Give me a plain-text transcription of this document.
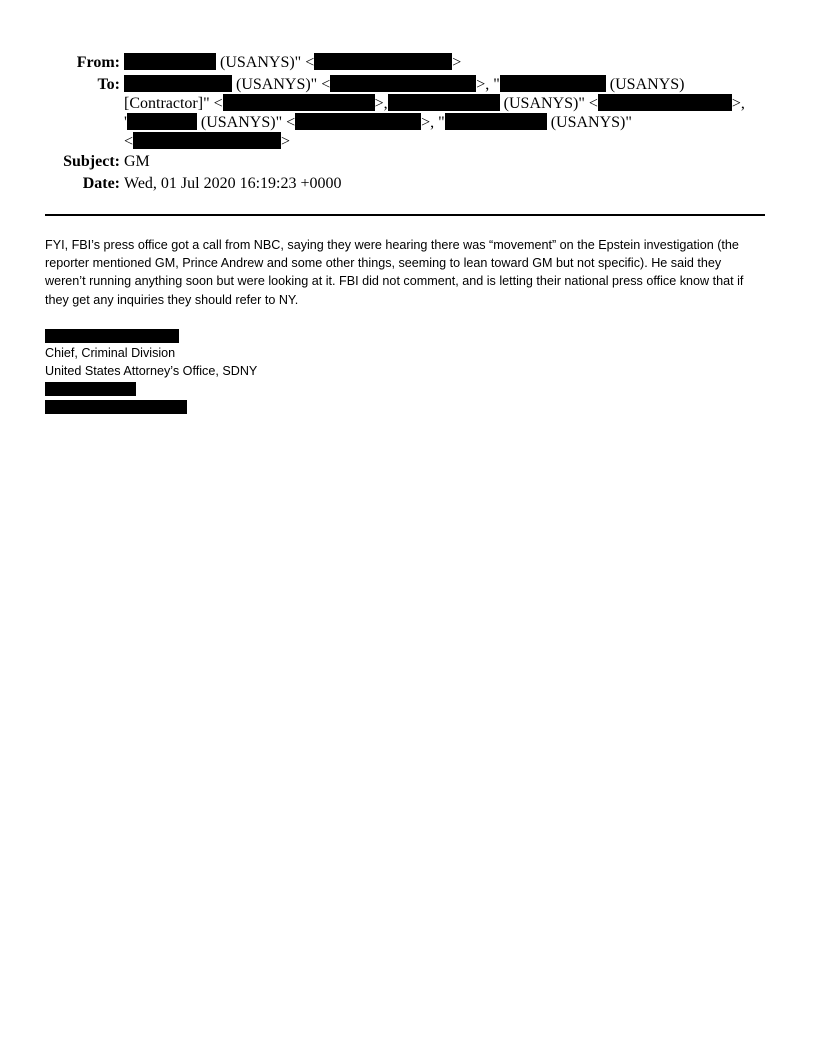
From:	(USANYS)" <	>
To:	(USANYS)" <	>, "	(USANYS)
[Contractor]" <	>,	(USANYS)" <	>,
'	(USANYS)" <	>, "	(USANYS)"
<	>
Subject: GM
Date: Wed, 01 Jul 2020 16:19:23 +0000

FYI, FBI’s press office got a call from NBC, saying they were hearing there was “movement” on the Epstein investigation (the reporter mentioned GM, Prince Andrew and some other things, seeming to lean toward GM but not specific). He said they weren’t running anything soon but were looking at it. FBI did not comment, and is letting their national press office know that if they get any inquiries they should refer to NY.

Chief, Criminal Division
United States Attorney’s Office, SDNY
